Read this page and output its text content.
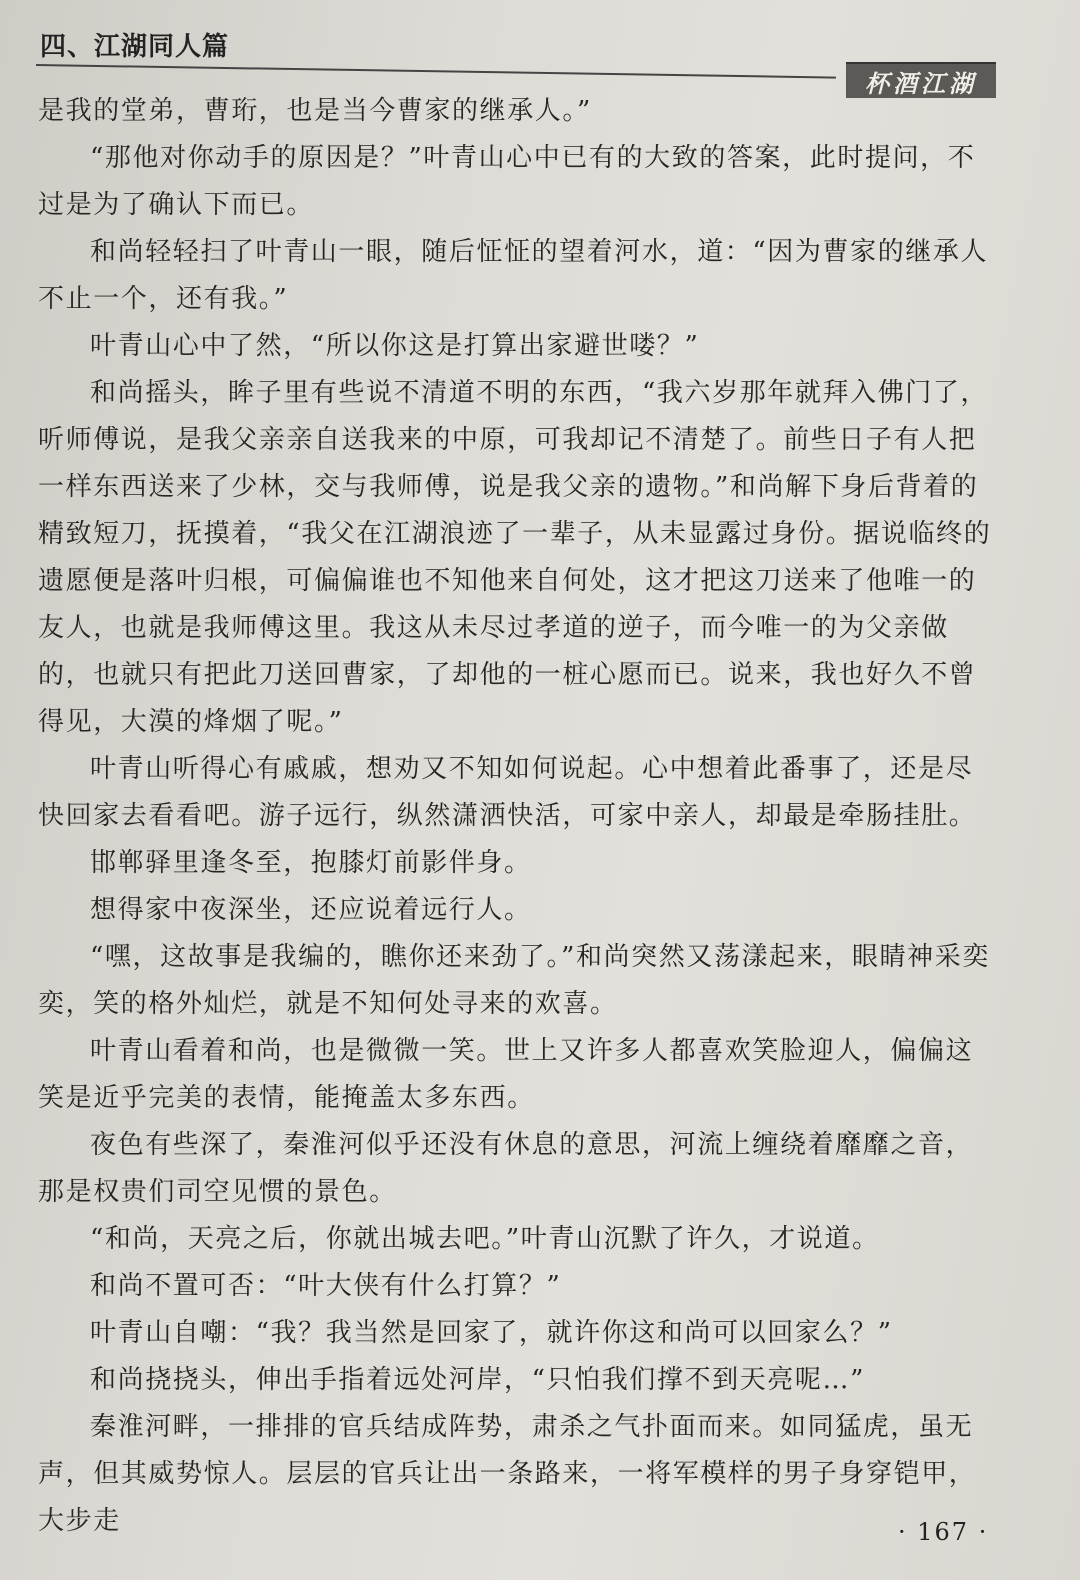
四、江湖同人篇
杯酒江湖

是我的堂弟，曹珩，也是当今曹家的继承人。”

“那他对你动手的原因是？”叶青山心中已有的大致的答案，此时提问，不过是为了确认下而已。

和尚轻轻扫了叶青山一眼，随后怔怔的望着河水，道：“因为曹家的继承人不止一个，还有我。”

叶青山心中了然，“所以你这是打算出家避世喽？”

和尚摇头，眸子里有些说不清道不明的东西，“我六岁那年就拜入佛门了，听师傅说，是我父亲亲自送我来的中原，可我却记不清楚了。前些日子有人把一样东西送来了少林，交与我师傅，说是我父亲的遗物。”和尚解下身后背着的精致短刀，抚摸着，“我父在江湖浪迹了一辈子，从未显露过身份。据说临终的遗愿便是落叶归根，可偏偏谁也不知他来自何处，这才把这刀送来了他唯一的友人，也就是我师傅这里。我这从未尽过孝道的逆子，而今唯一的为父亲做的，也就只有把此刀送回曹家，了却他的一桩心愿而已。说来，我也好久不曾得见，大漠的烽烟了呢。”

叶青山听得心有戚戚，想劝又不知如何说起。心中想着此番事了，还是尽快回家去看看吧。游子远行，纵然潇洒快活，可家中亲人，却最是牵肠挂肚。

邯郸驿里逢冬至，抱膝灯前影伴身。

想得家中夜深坐，还应说着远行人。

“嘿，这故事是我编的，瞧你还来劲了。”和尚突然又荡漾起来，眼睛神采奕奕，笑的格外灿烂，就是不知何处寻来的欢喜。

叶青山看着和尚，也是微微一笑。世上又许多人都喜欢笑脸迎人，偏偏这笑是近乎完美的表情，能掩盖太多东西。

夜色有些深了，秦淮河似乎还没有休息的意思，河流上缠绕着靡靡之音，那是权贵们司空见惯的景色。

“和尚，天亮之后，你就出城去吧。”叶青山沉默了许久，才说道。

和尚不置可否：“叶大侠有什么打算？”

叶青山自嘲：“我？我当然是回家了，就许你这和尚可以回家么？”

和尚挠挠头，伸出手指着远处河岸，“只怕我们撑不到天亮呢…”

秦淮河畔，一排排的官兵结成阵势，肃杀之气扑面而来。如同猛虎，虽无声，但其威势惊人。层层的官兵让出一条路来，一将军模样的男子身穿铠甲，大步走	· 167 ·
